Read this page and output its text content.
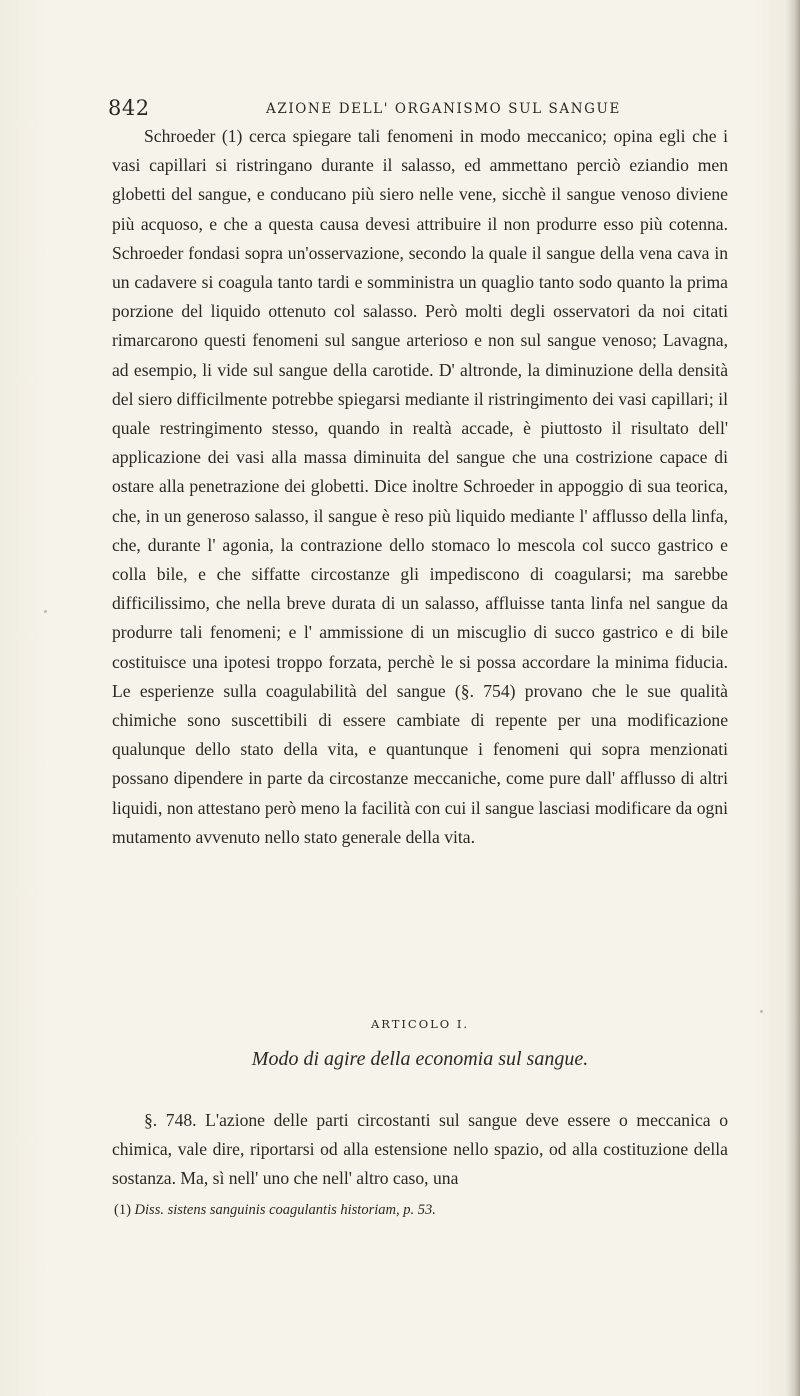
842	AZIONE DELL' ORGANISMO SUL SANGUE

Schroeder (1) cerca spiegare tali fenomeni in modo meccanico; opina egli che i vasi capillari si ristringano durante il salasso, ed ammettano perciò eziandio men globetti del sangue, e conducano più siero nelle vene, sicchè il sangue venoso diviene più acquoso, e che a questa causa devesi attribuire il non produrre esso più cotenna. Schroeder fondasi sopra un'osservazione, secondo la quale il sangue della vena cava in un cadavere si coagula tanto tardi e somministra un quaglio tanto sodo quanto la prima porzione del liquido ottenuto col salasso. Però molti degli osservatori da noi citati rimarcarono questi fenomeni sul sangue arterioso e non sul sangue venoso; Lavagna, ad esempio, li vide sul sangue della carotide. D' altronde, la diminuzione della densità del siero difficilmente potrebbe spiegarsi mediante il ristringimento dei vasi capillari; il quale restringimento stesso, quando in realtà accade, è piuttosto il risultato dell' applicazione dei vasi alla massa diminuita del sangue che una costrizione capace di ostare alla penetrazione dei globetti. Dice inoltre Schroeder in appoggio di sua teorica, che, in un generoso salasso, il sangue è reso più liquido mediante l' afflusso della linfa, che, durante l' agonia, la contrazione dello stomaco lo mescola col succo gastrico e colla bile, e che siffatte circostanze gli impediscono di coagularsi; ma sarebbe difficilissimo, che nella breve durata di un salasso, affluisse tanta linfa nel sangue da produrre tali fenomeni; e l' ammissione di un miscuglio di succo gastrico e di bile costituisce una ipotesi troppo forzata, perchè le si possa accordare la minima fiducia. Le esperienze sulla coagulabilità del sangue (§. 754) provano che le sue qualità chimiche sono suscettibili di essere cambiate di repente per una modificazione qualunque dello stato della vita, e quantunque i fenomeni qui sopra menzionati possano dipendere in parte da circostanze meccaniche, come pure dall' afflusso di altri liquidi, non attestano però meno la facilità con cui il sangue lasciasi modificare da ogni mutamento avvenuto nello stato generale della vita.

ARTICOLO I.
Modo di agire della economia sul sangue.

§. 748. L'azione delle parti circostanti sul sangue deve essere o meccanica o chimica, vale dire, riportarsi od alla estensione nello spazio, od alla costituzione della sostanza. Ma, sì nell' uno che nell' altro caso, una

(1) Diss. sistens sanguinis coagulantis historiam, p. 53.
